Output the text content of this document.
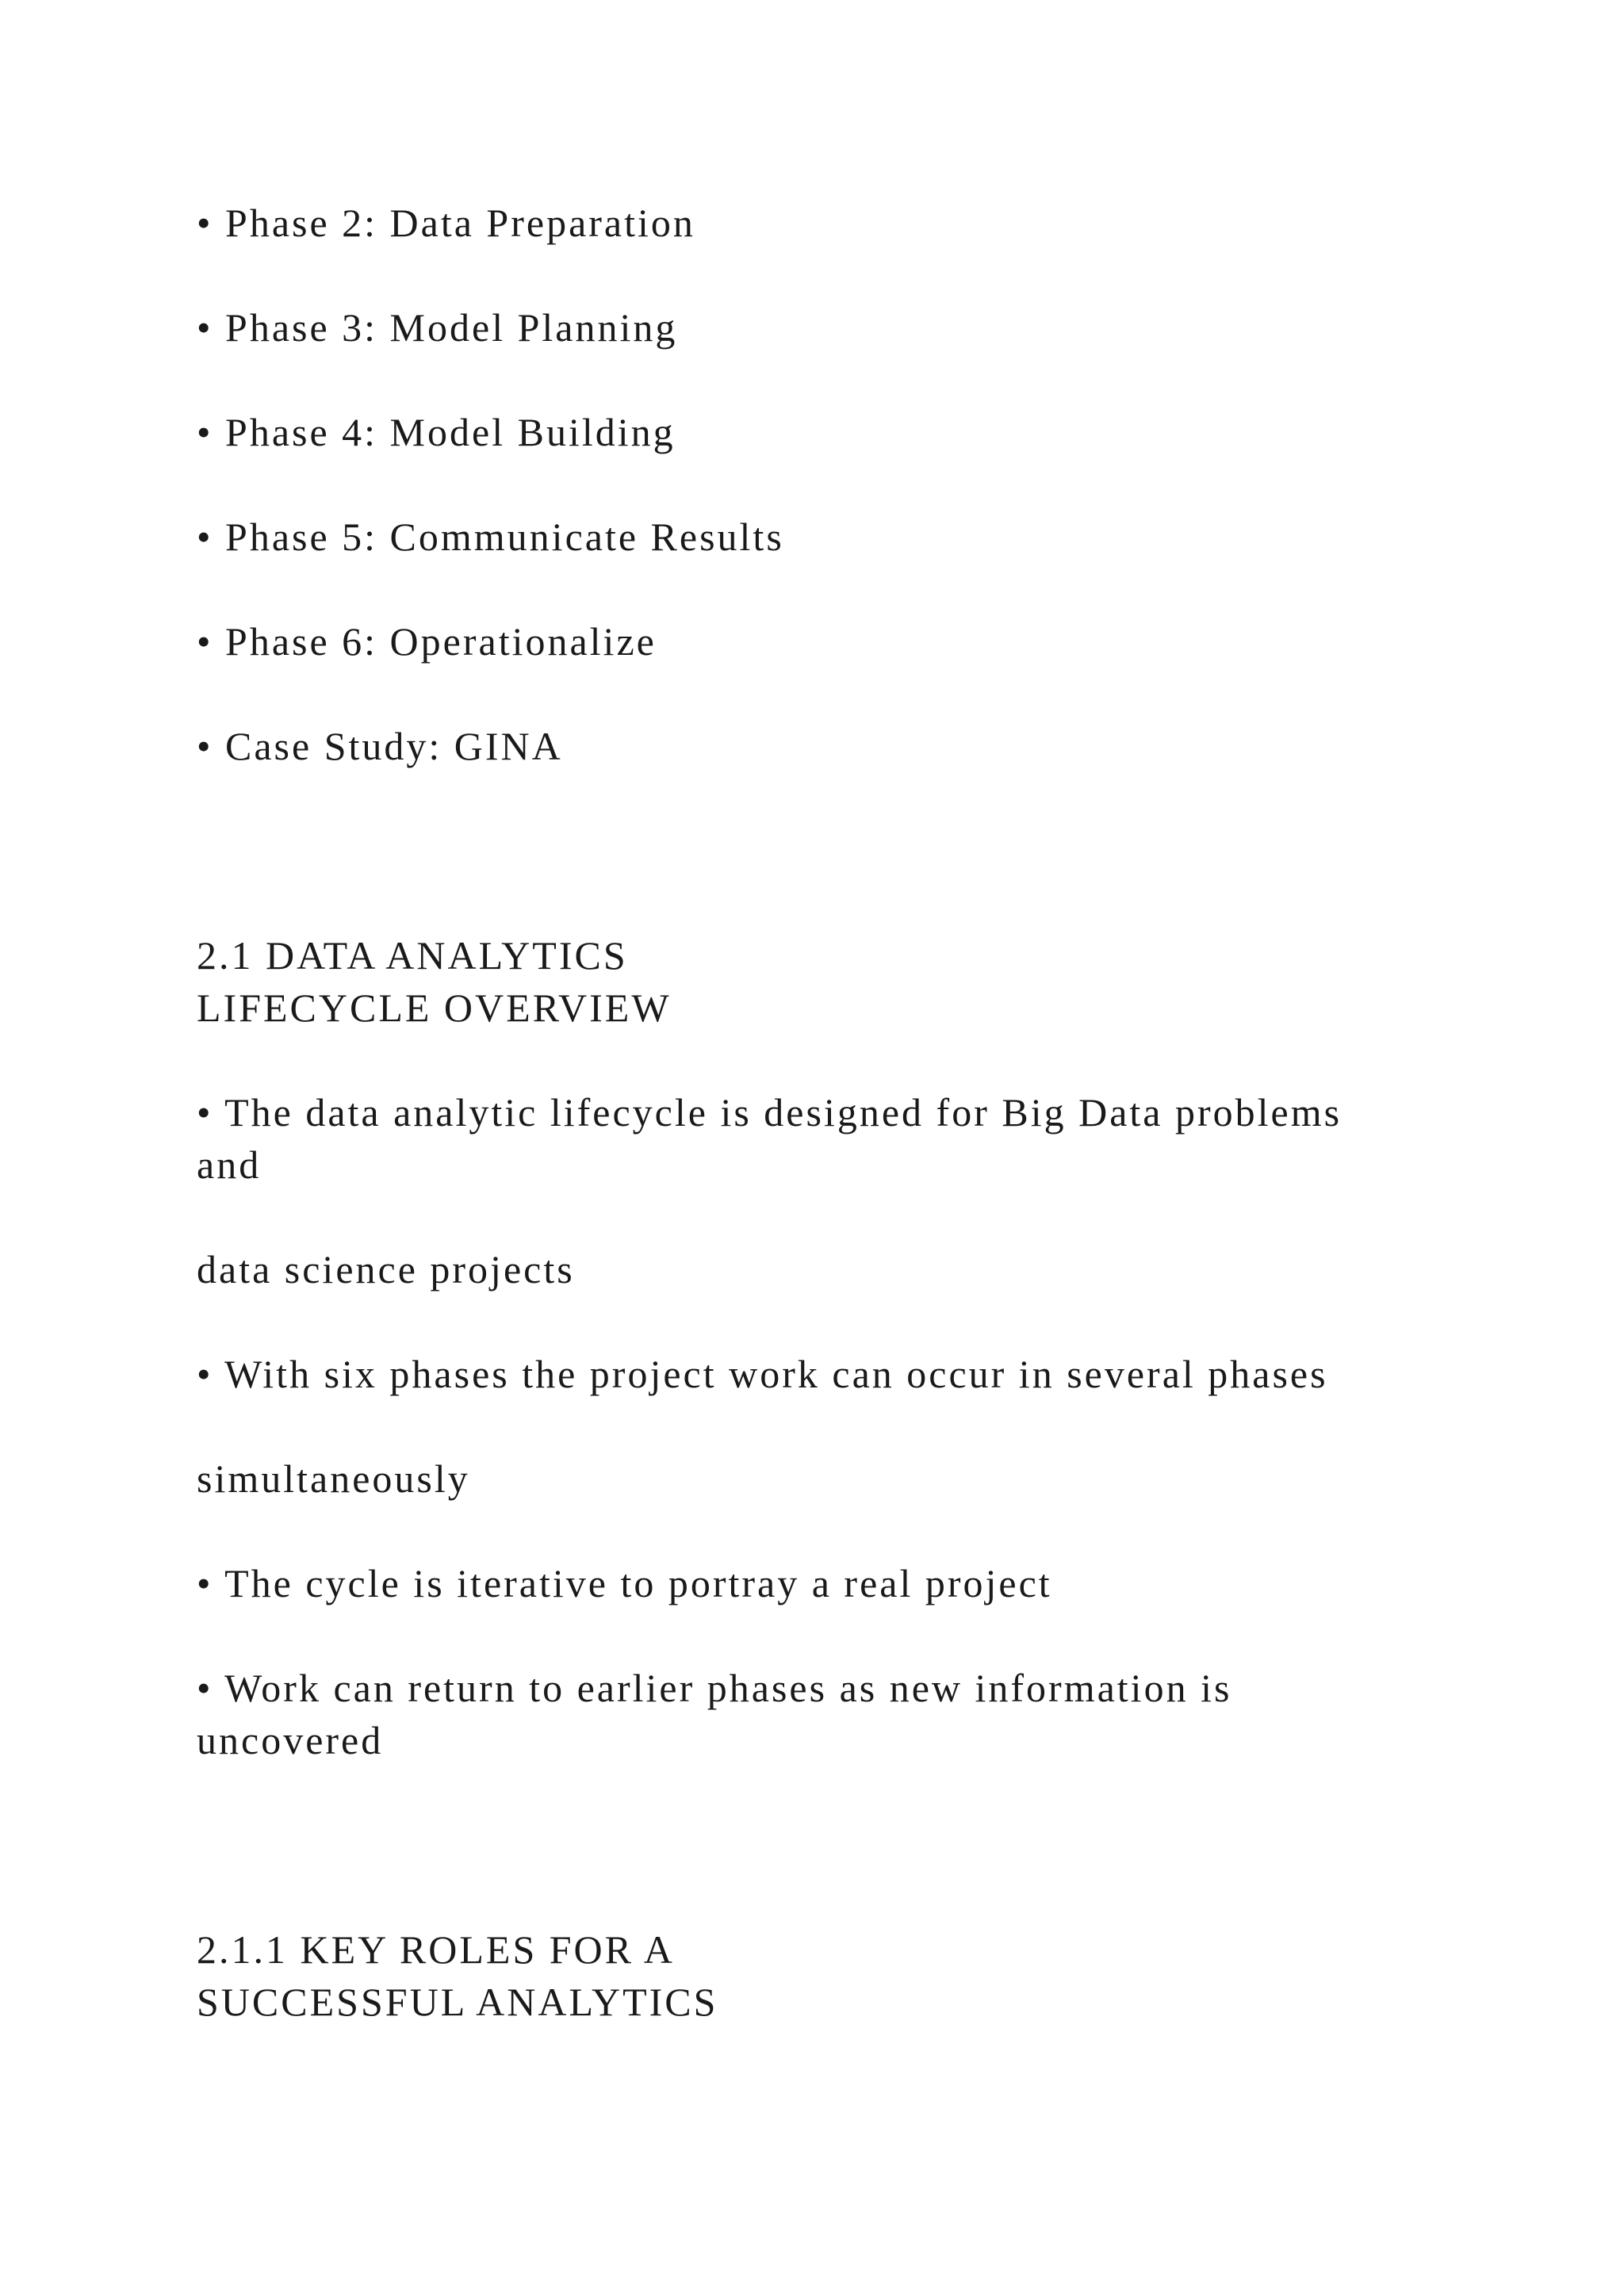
• Phase 2: Data Preparation

• Phase 3: Model Planning

• Phase 4: Model Building

• Phase 5: Communicate Results

• Phase 6: Operationalize

• Case Study: GINA

2.1 DATA ANALYTICS
LIFECYCLE OVERVIEW

• The data analytic lifecycle is designed for Big Data problems

and

data science projects

• With six phases the project work can occur in several phases

simultaneously

• The cycle is iterative to portray a real project

• Work can return to earlier phases as new information is

uncovered

2.1.1 KEY ROLES FOR A
SUCCESSFUL ANALYTICS
